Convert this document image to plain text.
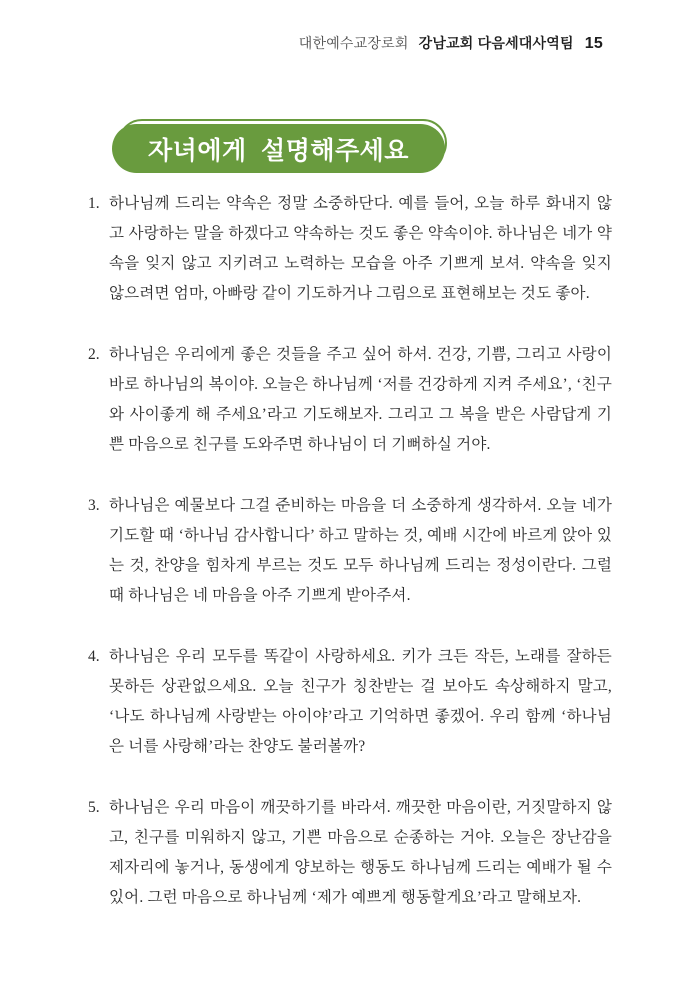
대한예수교장로회 강남교회 다음세대사역팀 15
자녀에게 설명해주세요
1. 하나님께 드리는 약속은 정말 소중하단다. 예를 들어, 오늘 하루 화내지 않고 사랑하는 말을 하겠다고 약속하는 것도 좋은 약속이야. 하나님은 네가 약속을 잊지 않고 지키려고 노력하는 모습을 아주 기쁘게 보셔. 약속을 잊지 않으려면 엄마, 아빠랑 같이 기도하거나 그림으로 표현해보는 것도 좋아.
2. 하나님은 우리에게 좋은 것들을 주고 싶어 하셔. 건강, 기쁨, 그리고 사랑이 바로 하나님의 복이야. 오늘은 하나님께 ‘저를 건강하게 지켜 주세요’, ‘친구와 사이좋게 해 주세요’라고 기도해보자. 그리고 그 복을 받은 사람답게 기쁜 마음으로 친구를 도와주면 하나님이 더 기뻐하실 거야.
3. 하나님은 예물보다 그걸 준비하는 마음을 더 소중하게 생각하셔. 오늘 네가 기도할 때 ‘하나님 감사합니다’ 하고 말하는 것, 예배 시간에 바르게 앉아 있는 것, 찬양을 힘차게 부르는 것도 모두 하나님께 드리는 정성이란다. 그럴 때 하나님은 네 마음을 아주 기쁘게 받아주셔.
4. 하나님은 우리 모두를 똑같이 사랑하세요. 키가 크든 작든, 노래를 잘하든 못하든 상관없으세요. 오늘 친구가 칭찬받는 걸 보아도 속상해하지 말고, ‘나도 하나님께 사랑받는 아이야’라고 기억하면 좋겠어. 우리 함께 ‘하나님은 너를 사랑해’라는 찬양도 불러볼까?
5. 하나님은 우리 마음이 깨끗하기를 바라셔. 깨끗한 마음이란, 거짓말하지 않고, 친구를 미워하지 않고, 기쁜 마음으로 순종하는 거야. 오늘은 장난감을 제자리에 놓거나, 동생에게 양보하는 행동도 하나님께 드리는 예배가 될 수 있어. 그런 마음으로 하나님께 ‘제가 예쁘게 행동할게요’라고 말해보자.
